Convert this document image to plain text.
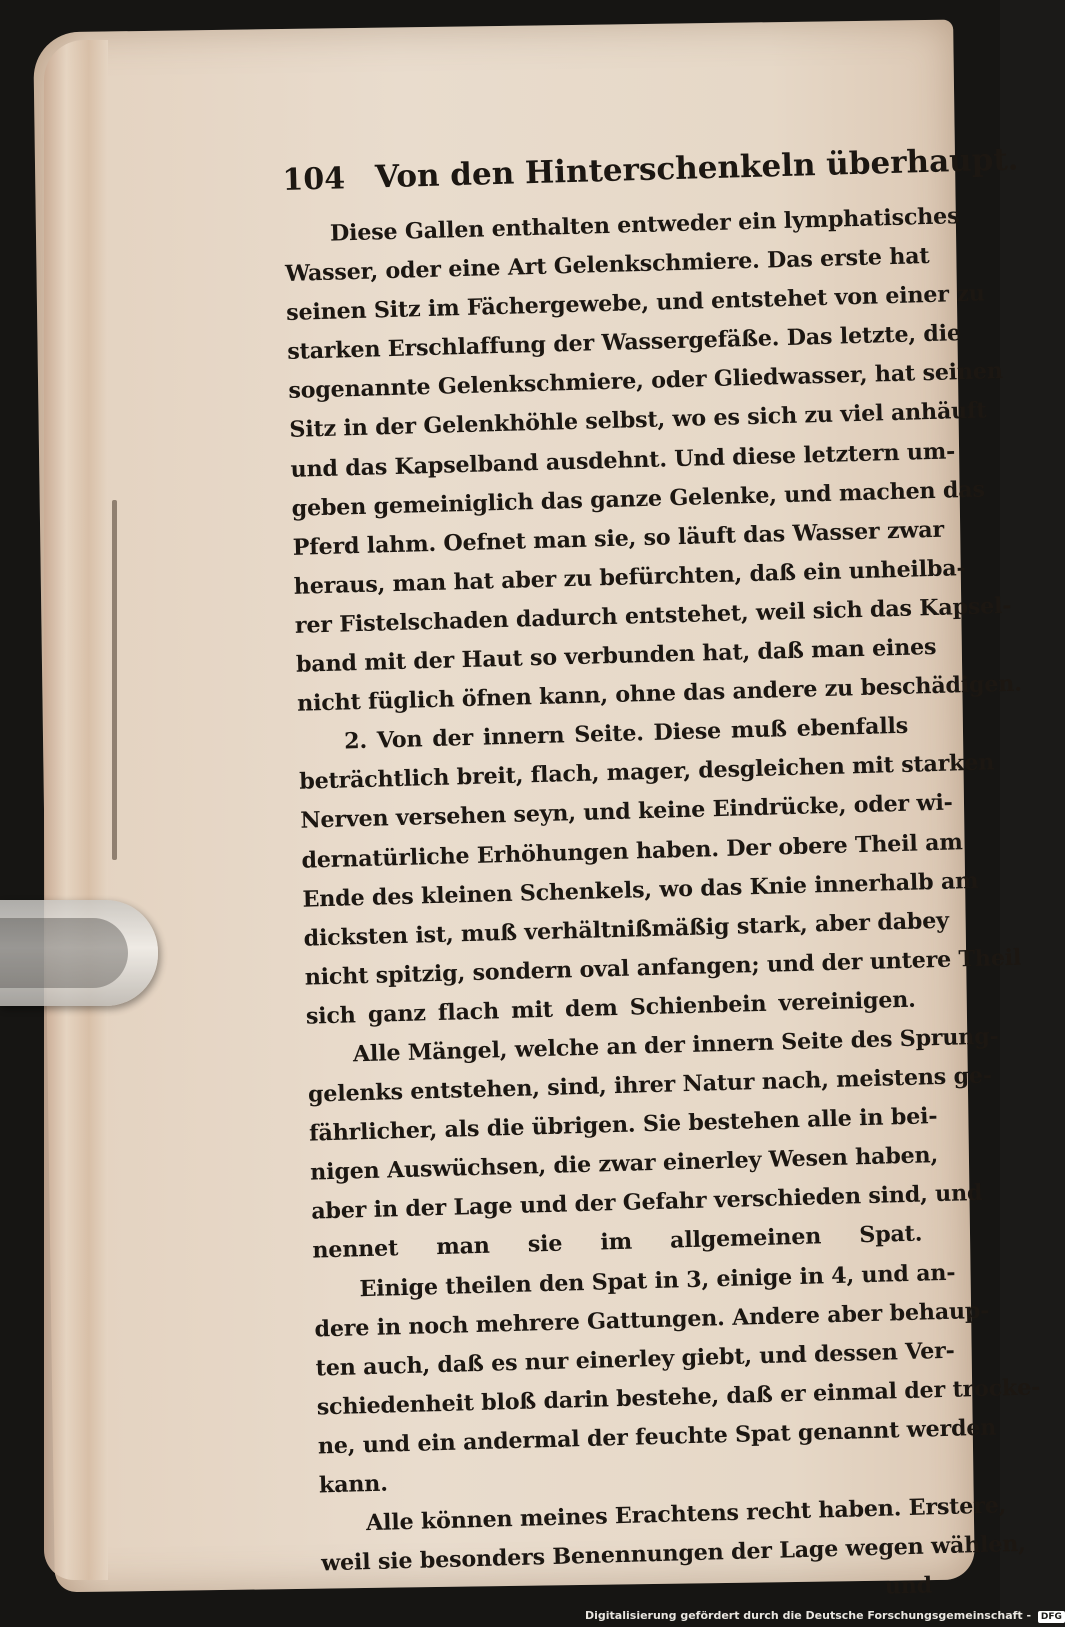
104 Von den Hinterschenkeln überhaupt.
Diese Gallen enthalten entweder ein lymphatisches
Wasser, oder eine Art Gelenkschmiere. Das erste hat
seinen Sitz im Fächergewebe, und entstehet von einer zu
starken Erschlaffung der Wassergefäße. Das letzte, die
sogenannte Gelenkschmiere, oder Gliedwasser, hat seinen
Sitz in der Gelenkhöhle selbst, wo es sich zu viel anhäuft
und das Kapselband ausdehnt. Und diese letztern um-
geben gemeiniglich das ganze Gelenke, und machen das
Pferd lahm. Oefnet man sie, so läuft das Wasser zwar
heraus, man hat aber zu befürchten, daß ein unheilba-
rer Fistelschaden dadurch entstehet, weil sich das Kapsel-
band mit der Haut so verbunden hat, daß man eines
nicht füglich öfnen kann, ohne das andere zu beschädigen.
2. Von der innern Seite. Diese muß ebenfalls
beträchtlich breit, flach, mager, desgleichen mit starken
Nerven versehen seyn, und keine Eindrücke, oder wi-
dernatürliche Erhöhungen haben. Der obere Theil am
Ende des kleinen Schenkels, wo das Knie innerhalb am
dicksten ist, muß verhältnißmäßig stark, aber dabey
nicht spitzig, sondern oval anfangen; und der untere Theil
sich ganz flach mit dem Schienbein vereinigen.
Alle Mängel, welche an der innern Seite des Sprung-
gelenks entstehen, sind, ihrer Natur nach, meistens ge-
fährlicher, als die übrigen. Sie bestehen alle in bei-
nigen Auswüchsen, die zwar einerley Wesen haben,
aber in der Lage und der Gefahr verschieden sind, und
nennet man sie im allgemeinen Spat.
Einige theilen den Spat in 3, einige in 4, und an-
dere in noch mehrere Gattungen. Andere aber behaup-
ten auch, daß es nur einerley giebt, und dessen Ver-
schiedenheit bloß darin bestehe, daß er einmal der trocke-
ne, und ein andermal der feuchte Spat genannt werden
kann.
Alle können meines Erachtens recht haben. Erstere,
weil sie besonders Benennungen der Lage wegen wählen,
und
Digitalisierung gefördert durch die Deutsche Forschungsgemeinschaft - DFG
